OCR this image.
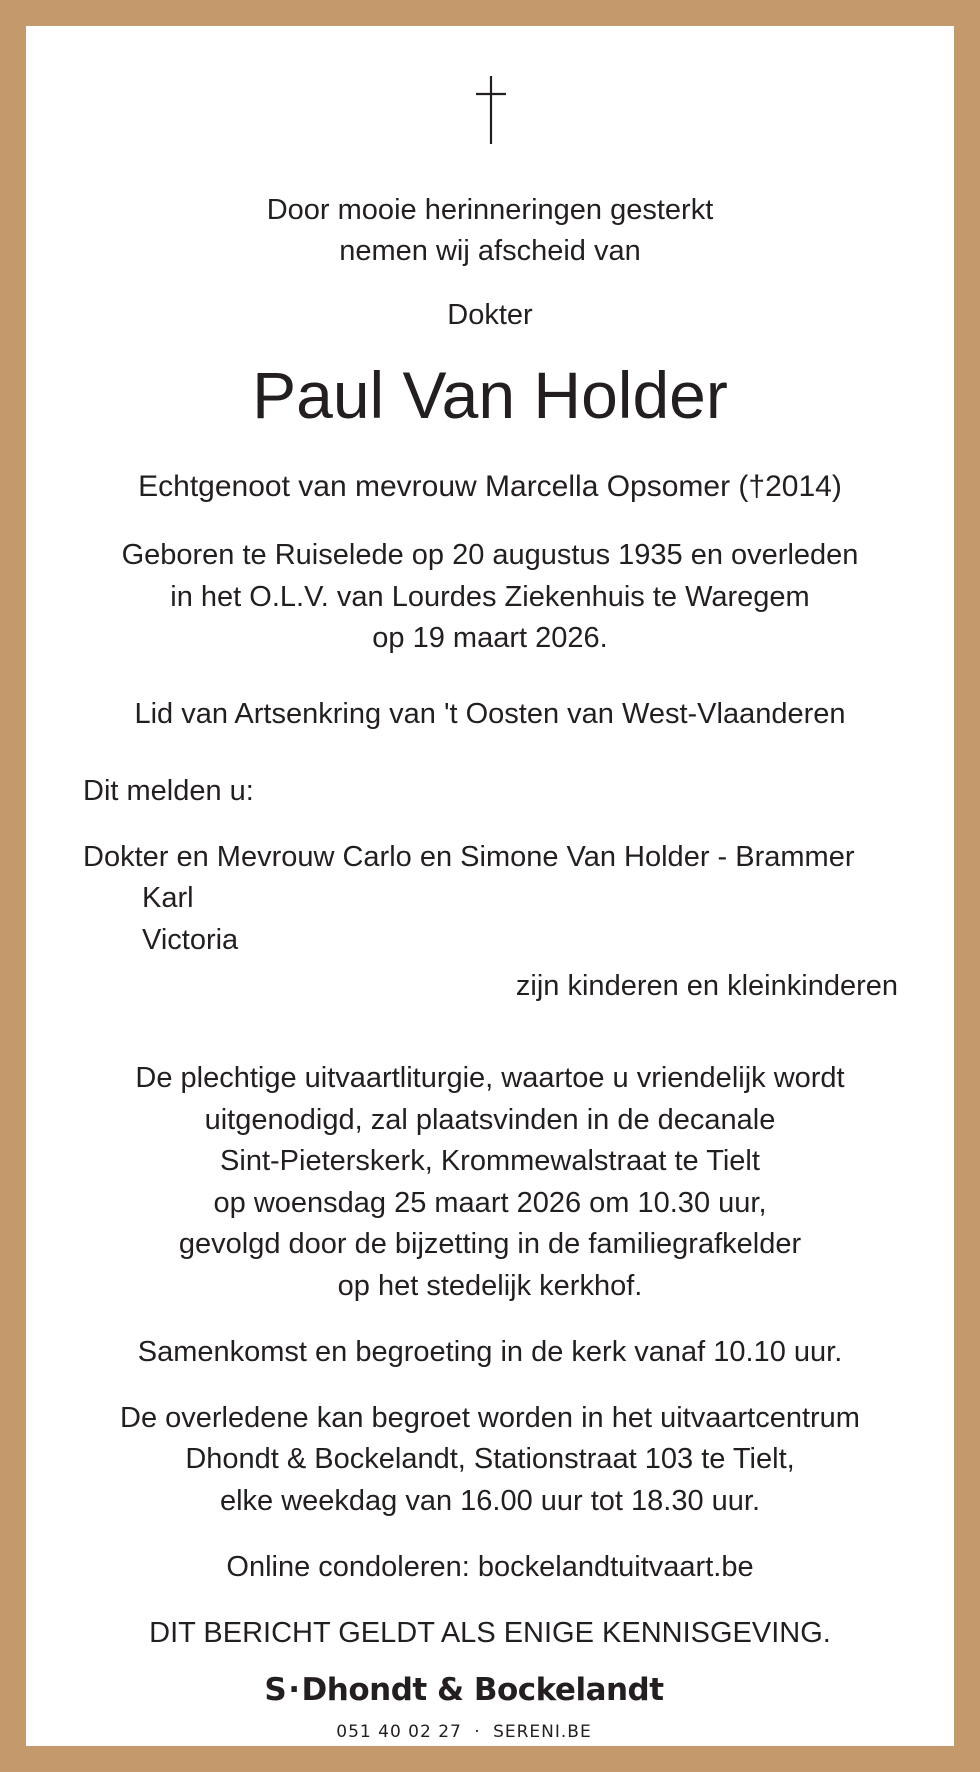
Door mooie herinneringen gesterkt
nemen wij afscheid van
Dokter
Paul Van Holder
Echtgenoot van mevrouw Marcella Opsomer (†2014)
Geboren te Ruiselede op 20 augustus 1935 en overleden
in het O.L.V. van Lourdes Ziekenhuis te Waregem
op 19 maart 2026.
Lid van Artsenkring van 't Oosten van West-Vlaanderen
Dit melden u:
Dokter en Mevrouw Carlo en Simone Van Holder - Brammer
Karl
Victoria
zijn kinderen en kleinkinderen
De plechtige uitvaartliturgie, waartoe u vriendelijk wordt
uitgenodigd, zal plaatsvinden in de decanale
Sint-Pieterskerk, Krommewalstraat te Tielt
op woensdag 25 maart 2026 om 10.30 uur,
gevolgd door de bijzetting in de familiegrafkelder
op het stedelijk kerkhof.
Samenkomst en begroeting in de kerk vanaf 10.10 uur.
De overledene kan begroet worden in het uitvaartcentrum
Dhondt & Bockelandt, Stationstraat 103 te Tielt,
elke weekdag van 16.00 uur tot 18.30 uur.
Online condoleren: bockelandtuitvaart.be
DIT BERICHT GELDT ALS ENIGE KENNISGEVING.
S·Dhondt & Bockelandt
051 40 02 27 · SERENI.BE
